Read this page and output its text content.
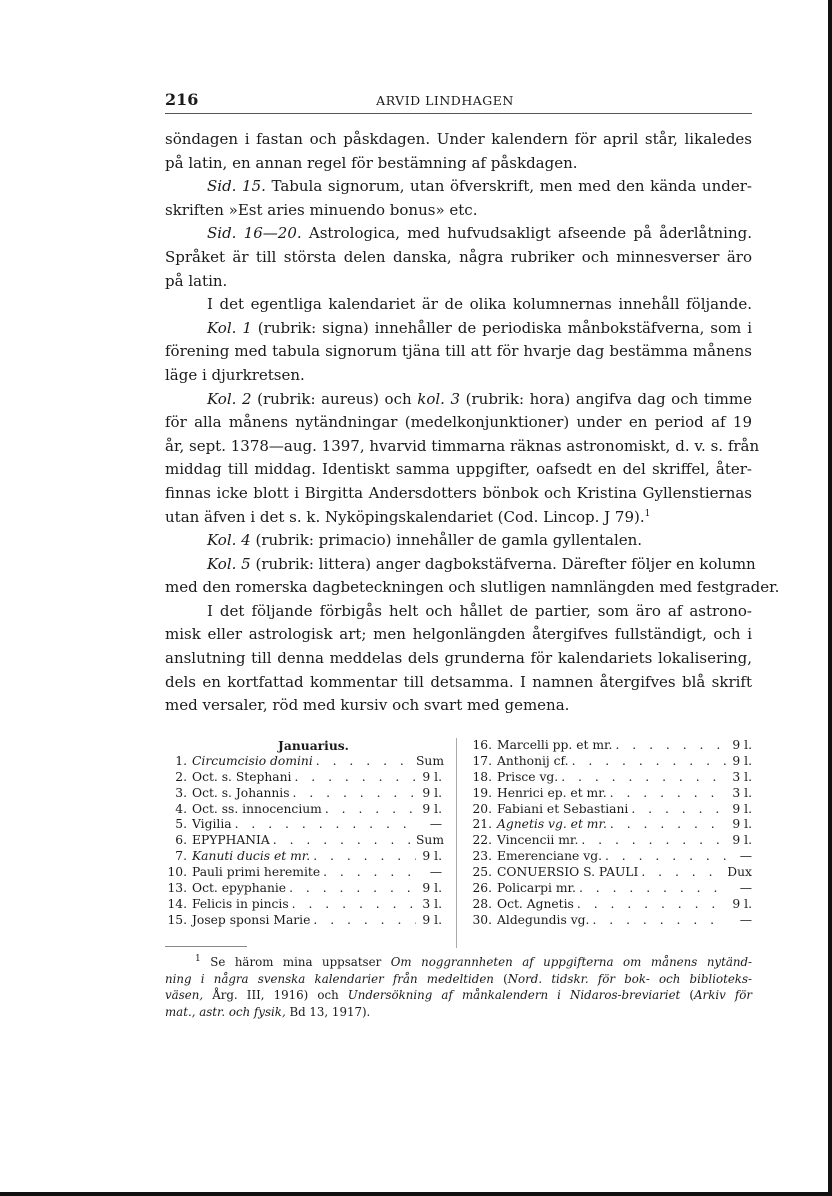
216	ARVID LINDHAGEN
söndagen i fastan och påskdagen. Under kalendern för april står, likaledes
på latin, en annan regel för bestämning af påskdagen.
Sid. 15. Tabula signorum, utan öfverskrift, men med den kända under-
skriften »Est aries minuendo bonus» etc.
Sid. 16—20. Astrologica, med hufvudsakligt afseende på åderlåtning.
Språket är till största delen danska, några rubriker och minnesverser äro
på latin.
I det egentliga kalendariet är de olika kolumnernas innehåll följande.
Kol. 1 (rubrik: signa) innehåller de periodiska månbokstäfverna, som i
förening med tabula signorum tjäna till att för hvarje dag bestämma månens
läge i djurkretsen.
Kol. 2 (rubrik: aureus) och kol. 3 (rubrik: hora) angifva dag och timme
för alla månens nytändningar (medelkonjunktioner) under en period af 19
år, sept. 1378—aug. 1397, hvarvid timmarna räknas astronomiskt, d. v. s. från
middag till middag. Identiskt samma uppgifter, oafsedt en del skriffel, åter-
finnas icke blott i Birgitta Andersdotters bönbok och Kristina Gyllenstiernas
utan äfven i det s. k. Nyköpingskalendariet (Cod. Lincop. J 79).$^1$
Kol. 4 (rubrik: primacio) innehåller de gamla gyllentalen.
Kol. 5 (rubrik: littera) anger dagbokstäfverna. Därefter följer en kolumn
med den romerska dagbeteckningen och slutligen namnlängden med festgrader.
I det följande förbigås helt och hållet de partier, som äro af astrono-
misk eller astrologisk art; men helgonlängden återgifves fullständigt, och i
anslutning till denna meddelas dels grunderna för kalendariets lokalisering,
dels en kortfattad kommentar till detsamma. I namnen återgifves blå skrift
med versaler, röd med kursiv och svart med gemena.
Januarius.
1. Circumcisio domini . . .	Sum
2. Oct. s. Stephani . . .	9 l.
3. Oct. s. Johannis . . .	9 l.
4. Oct. ss. innocencium . . .	9 l.
5. Vigilia . . .	—
6. EPYPHANIA . . .	Sum
7. Kanuti ducis et mr. . . .	9 l.
10. Pauli primi heremite . . .	—
13. Oct. epyphanie . . .	9 l.
14. Felicis in pincis . . .	3 l.
15. Josep sponsi Marie . . .	9 l.
16. Marcelli pp. et mr. . . .	9 l.
17. Anthonij cf. . . .	9 l.
18. Prisce vg. . . .	3 l.
19. Henrici ep. et mr. . . .	3 l.
20. Fabiani et Sebastiani . . .	9 l.
21. Agnetis vg. et mr. . . .	9 l.
22. Vincencii mr. . . .	9 l.
23. Emerenciane vg. . . .	—
25. CONUERSIO S. PAULI . . .	Dux
26. Policarpi mr. . . .	—
28. Oct. Agnetis . . .	9 l.
30. Aldegundis vg. . . .	—
$^1$ Se härom mina uppsatser Om noggrannheten af uppgifterna om månens nytänd-
ning i några svenska kalendarier från medeltiden (Nord. tidskr. för bok- och biblioteks-
väsen, Årg. III, 1916) och Undersökning af månkalendern i Nidaros-breviariet (Arkiv för
mat., astr. och fysik, Bd 13, 1917).
